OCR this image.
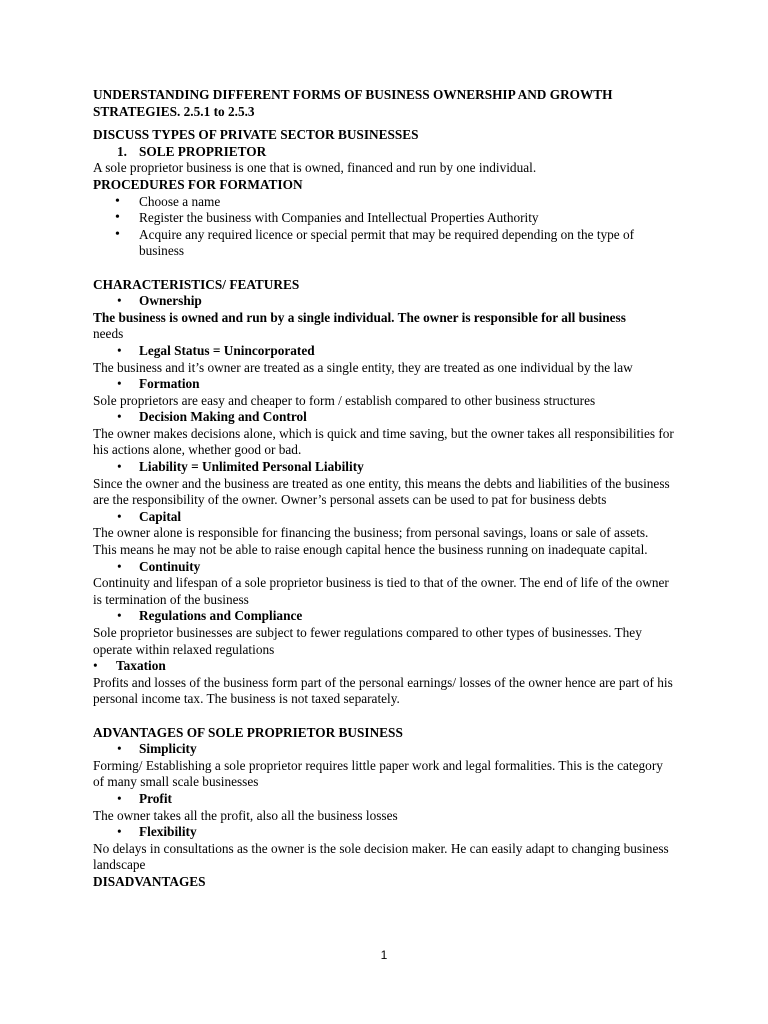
UNDERSTANDING DIFFERENT FORMS OF BUSINESS OWNERSHIP AND GROWTH STRATEGIES. 2.5.1 to 2.5.3

DISCUSS TYPES OF PRIVATE SECTOR BUSINESSES

1. SOLE PROPRIETOR

A sole proprietor business is one that is owned, financed and run by one individual.

PROCEDURES FOR FORMATION

• Choose a name
• Register the business with Companies and Intellectual Properties Authority
• Acquire any required licence or special permit that may be required depending on the type of business

CHARACTERISTICS/ FEATURES

• Ownership

The business is owned and run by a single individual. The owner is responsible for all business

needs

• Legal Status = Unincorporated

The business and it’s owner are treated as a single entity, they are treated as one individual by the law

• Formation

Sole proprietors are easy and cheaper to form / establish compared to other business structures

• Decision Making and Control

The owner makes decisions alone, which is quick and time saving, but the owner takes all responsibilities for his actions alone, whether good or bad.

• Liability = Unlimited Personal Liability

Since the owner and the business are treated as one entity, this means the debts and liabilities of the business are the responsibility of the owner. Owner’s personal assets can be used to pat for business debts

• Capital

The owner alone is responsible for financing the business; from personal savings, loans or sale of assets. This means he may not be able to raise enough capital hence the business running on inadequate capital.

• Continuity

Continuity and lifespan of a sole proprietor business is tied to that of the owner. The end of life of the owner is termination of the business

• Regulations and Compliance

Sole proprietor businesses are subject to fewer regulations compared to other types of businesses. They operate within relaxed regulations

• Taxation

Profits and losses of the business form part of the personal earnings/ losses of the owner hence are part of his personal income tax. The business is not taxed separately.

ADVANTAGES OF SOLE PROPRIETOR BUSINESS

• Simplicity

Forming/ Establishing a sole proprietor requires little paper work and legal formalities. This is the category of many small scale businesses

• Profit

The owner takes all the profit, also all the business losses

• Flexibility

No delays in consultations as the owner is the sole decision maker. He can easily adapt to changing business landscape

DISADVANTAGES

1
